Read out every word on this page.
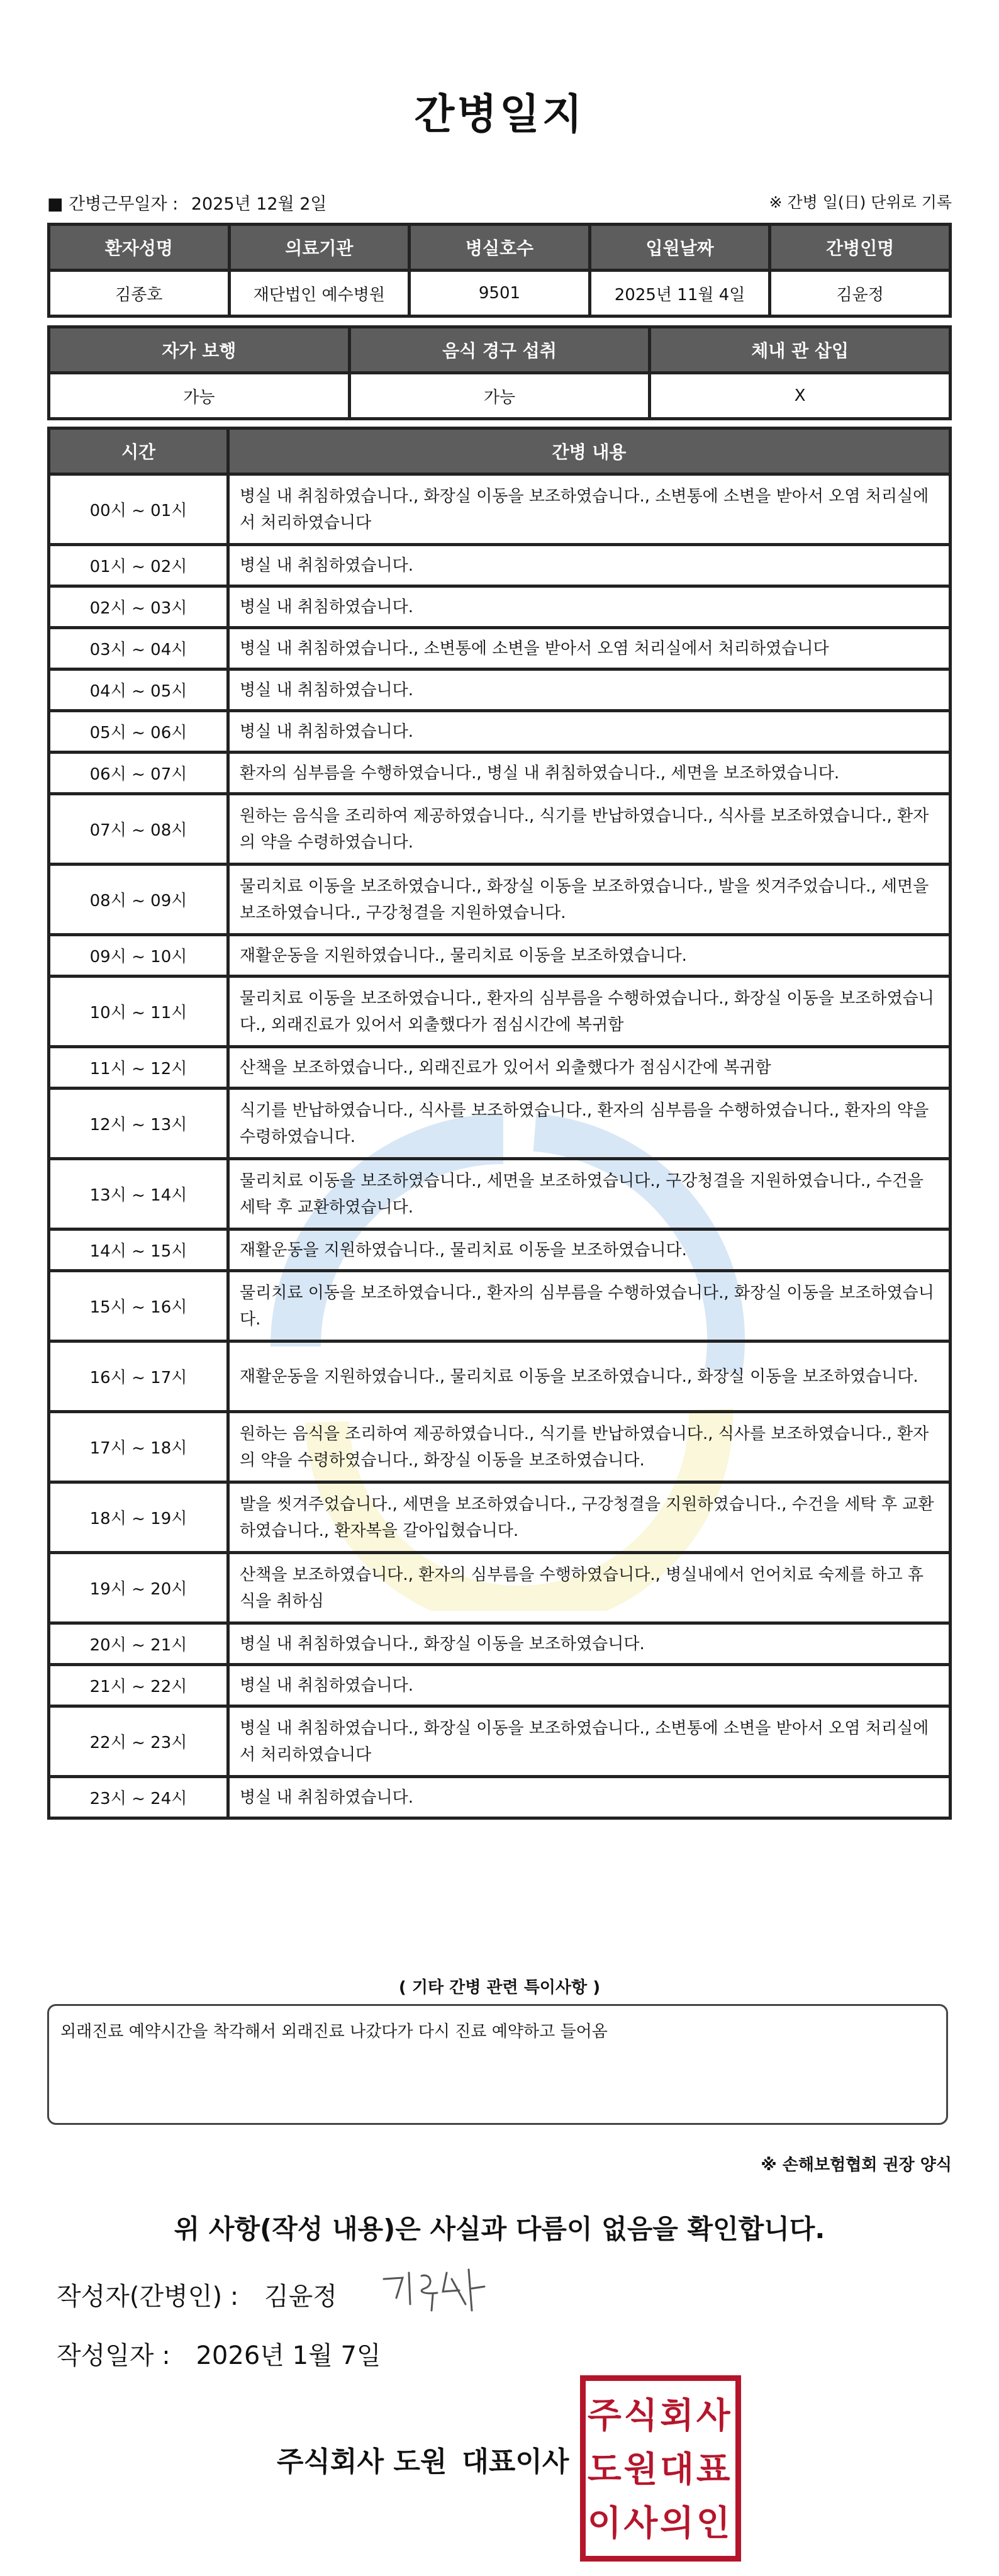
간병일지
■ 간병근무일자 : 2025년 12월 2일	※ 간병 일(日) 단위로 기록
환자성명	의료기관	병실호수	입원날짜	간병인명
김종호	재단법인 예수병원	9501	2025년 11월 4일	김윤정
자가 보행	음식 경구 섭취	체내 관 삽입
가능	가능	X
시간	간병 내용
00시 ~ 01시	병실 내 취침하였습니다., 화장실 이동을 보조하였습니다., 소변통에 소변을 받아서 오염 처리실에서 처리하였습니다
01시 ~ 02시	병실 내 취침하였습니다.
02시 ~ 03시	병실 내 취침하였습니다.
03시 ~ 04시	병실 내 취침하였습니다., 소변통에 소변을 받아서 오염 처리실에서 처리하였습니다
04시 ~ 05시	병실 내 취침하였습니다.
05시 ~ 06시	병실 내 취침하였습니다.
06시 ~ 07시	환자의 심부름을 수행하였습니다., 병실 내 취침하였습니다., 세면을 보조하였습니다.
07시 ~ 08시	원하는 음식을 조리하여 제공하였습니다., 식기를 반납하였습니다., 식사를 보조하였습니다., 환자의 약을 수령하였습니다.
08시 ~ 09시	물리치료 이동을 보조하였습니다., 화장실 이동을 보조하였습니다., 발을 씻겨주었습니다., 세면을 보조하였습니다., 구강청결을 지원하였습니다.
09시 ~ 10시	재활운동을 지원하였습니다., 물리치료 이동을 보조하였습니다.
10시 ~ 11시	물리치료 이동을 보조하였습니다., 환자의 심부름을 수행하였습니다., 화장실 이동을 보조하였습니다., 외래진료가 있어서 외출했다가 점심시간에 복귀함
11시 ~ 12시	산책을 보조하였습니다., 외래진료가 있어서 외출했다가 점심시간에 복귀함
12시 ~ 13시	식기를 반납하였습니다., 식사를 보조하였습니다., 환자의 심부름을 수행하였습니다., 환자의 약을 수령하였습니다.
13시 ~ 14시	물리치료 이동을 보조하였습니다., 세면을 보조하였습니다., 구강청결을 지원하였습니다., 수건을 세탁 후 교환하였습니다.
14시 ~ 15시	재활운동을 지원하였습니다., 물리치료 이동을 보조하였습니다.
15시 ~ 16시	물리치료 이동을 보조하였습니다., 환자의 심부름을 수행하였습니다., 화장실 이동을 보조하였습니다.
16시 ~ 17시	재활운동을 지원하였습니다., 물리치료 이동을 보조하였습니다., 화장실 이동을 보조하였습니다.
17시 ~ 18시	원하는 음식을 조리하여 제공하였습니다., 식기를 반납하였습니다., 식사를 보조하였습니다., 환자의 약을 수령하였습니다., 화장실 이동을 보조하였습니다.
18시 ~ 19시	발을 씻겨주었습니다., 세면을 보조하였습니다., 구강청결을 지원하였습니다., 수건을 세탁 후 교환하였습니다., 환자복을 갈아입혔습니다.
19시 ~ 20시	산책을 보조하였습니다., 환자의 심부름을 수행하였습니다., 병실내에서 언어치료 숙제를 하고 휴식을 취하심
20시 ~ 21시	병실 내 취침하였습니다., 화장실 이동을 보조하였습니다.
21시 ~ 22시	병실 내 취침하였습니다.
22시 ~ 23시	병실 내 취침하였습니다., 화장실 이동을 보조하였습니다., 소변통에 소변을 받아서 오염 처리실에서 처리하였습니다
23시 ~ 24시	병실 내 취침하였습니다.
( 기타 간병 관련 특이사항 )
외래진료 예약시간을 착각해서 외래진료 나갔다가 다시 진료 예약하고 들어옴
※ 손해보험협회 권장 양식
위 사항(작성 내용)은 사실과 다름이 없음을 확인합니다.
작성자(간병인) : 김윤정
작성일자 : 2026년 1월 7일
주식회사 도원 대표이사
주 식 회 사
도 원 대 표
이 사 의 인
